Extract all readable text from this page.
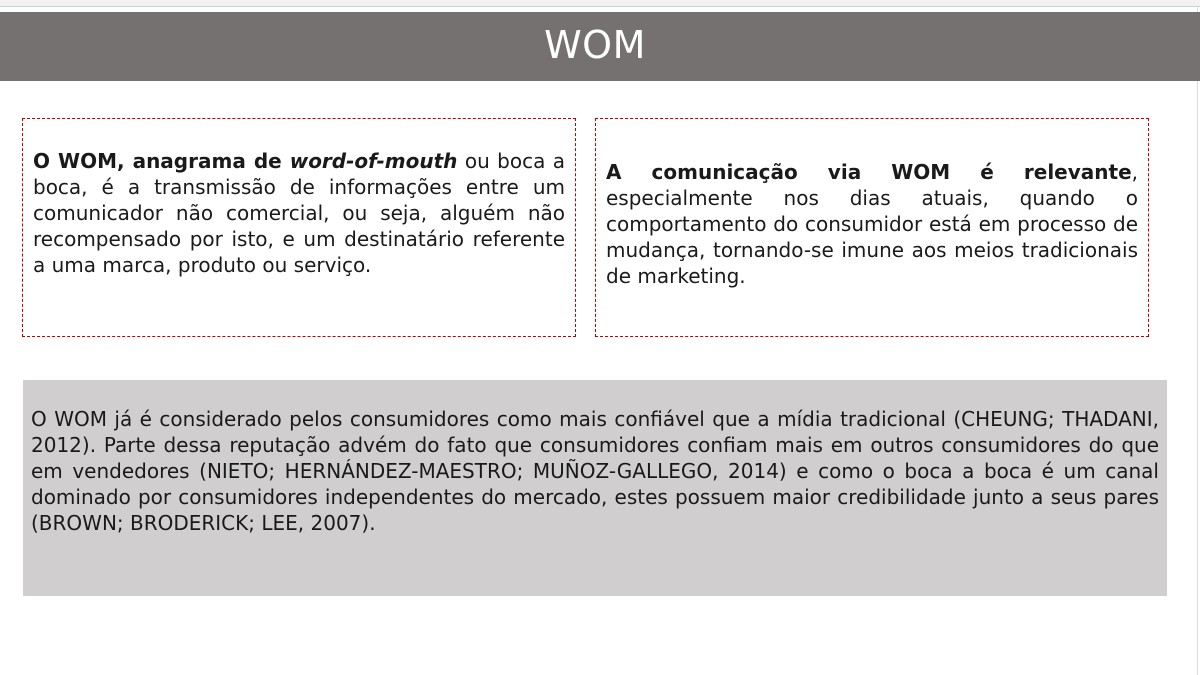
WOM

O WOM, anagrama de word-of-mouth ou boca a boca, é a transmissão de informações entre um comunicador não comercial, ou seja, alguém não recompensado por isto, e um destinatário referente a uma marca, produto ou serviço.

A comunicação via WOM é relevante, especialmente nos dias atuais, quando o comportamento do consumidor está em processo de mudança, tornando-se imune aos meios tradicionais de marketing.

O WOM já é considerado pelos consumidores como mais confiável que a mídia tradicional (CHEUNG; THADANI, 2012). Parte dessa reputação advém do fato que consumidores confiam mais em outros consumidores do que em vendedores (NIETO; HERNÁNDEZ-MAESTRO; MUÑOZ-GALLEGO, 2014) e como o boca a boca é um canal dominado por consumidores independentes do mercado, estes possuem maior credibilidade junto a seus pares (BROWN; BRODERICK; LEE, 2007).
